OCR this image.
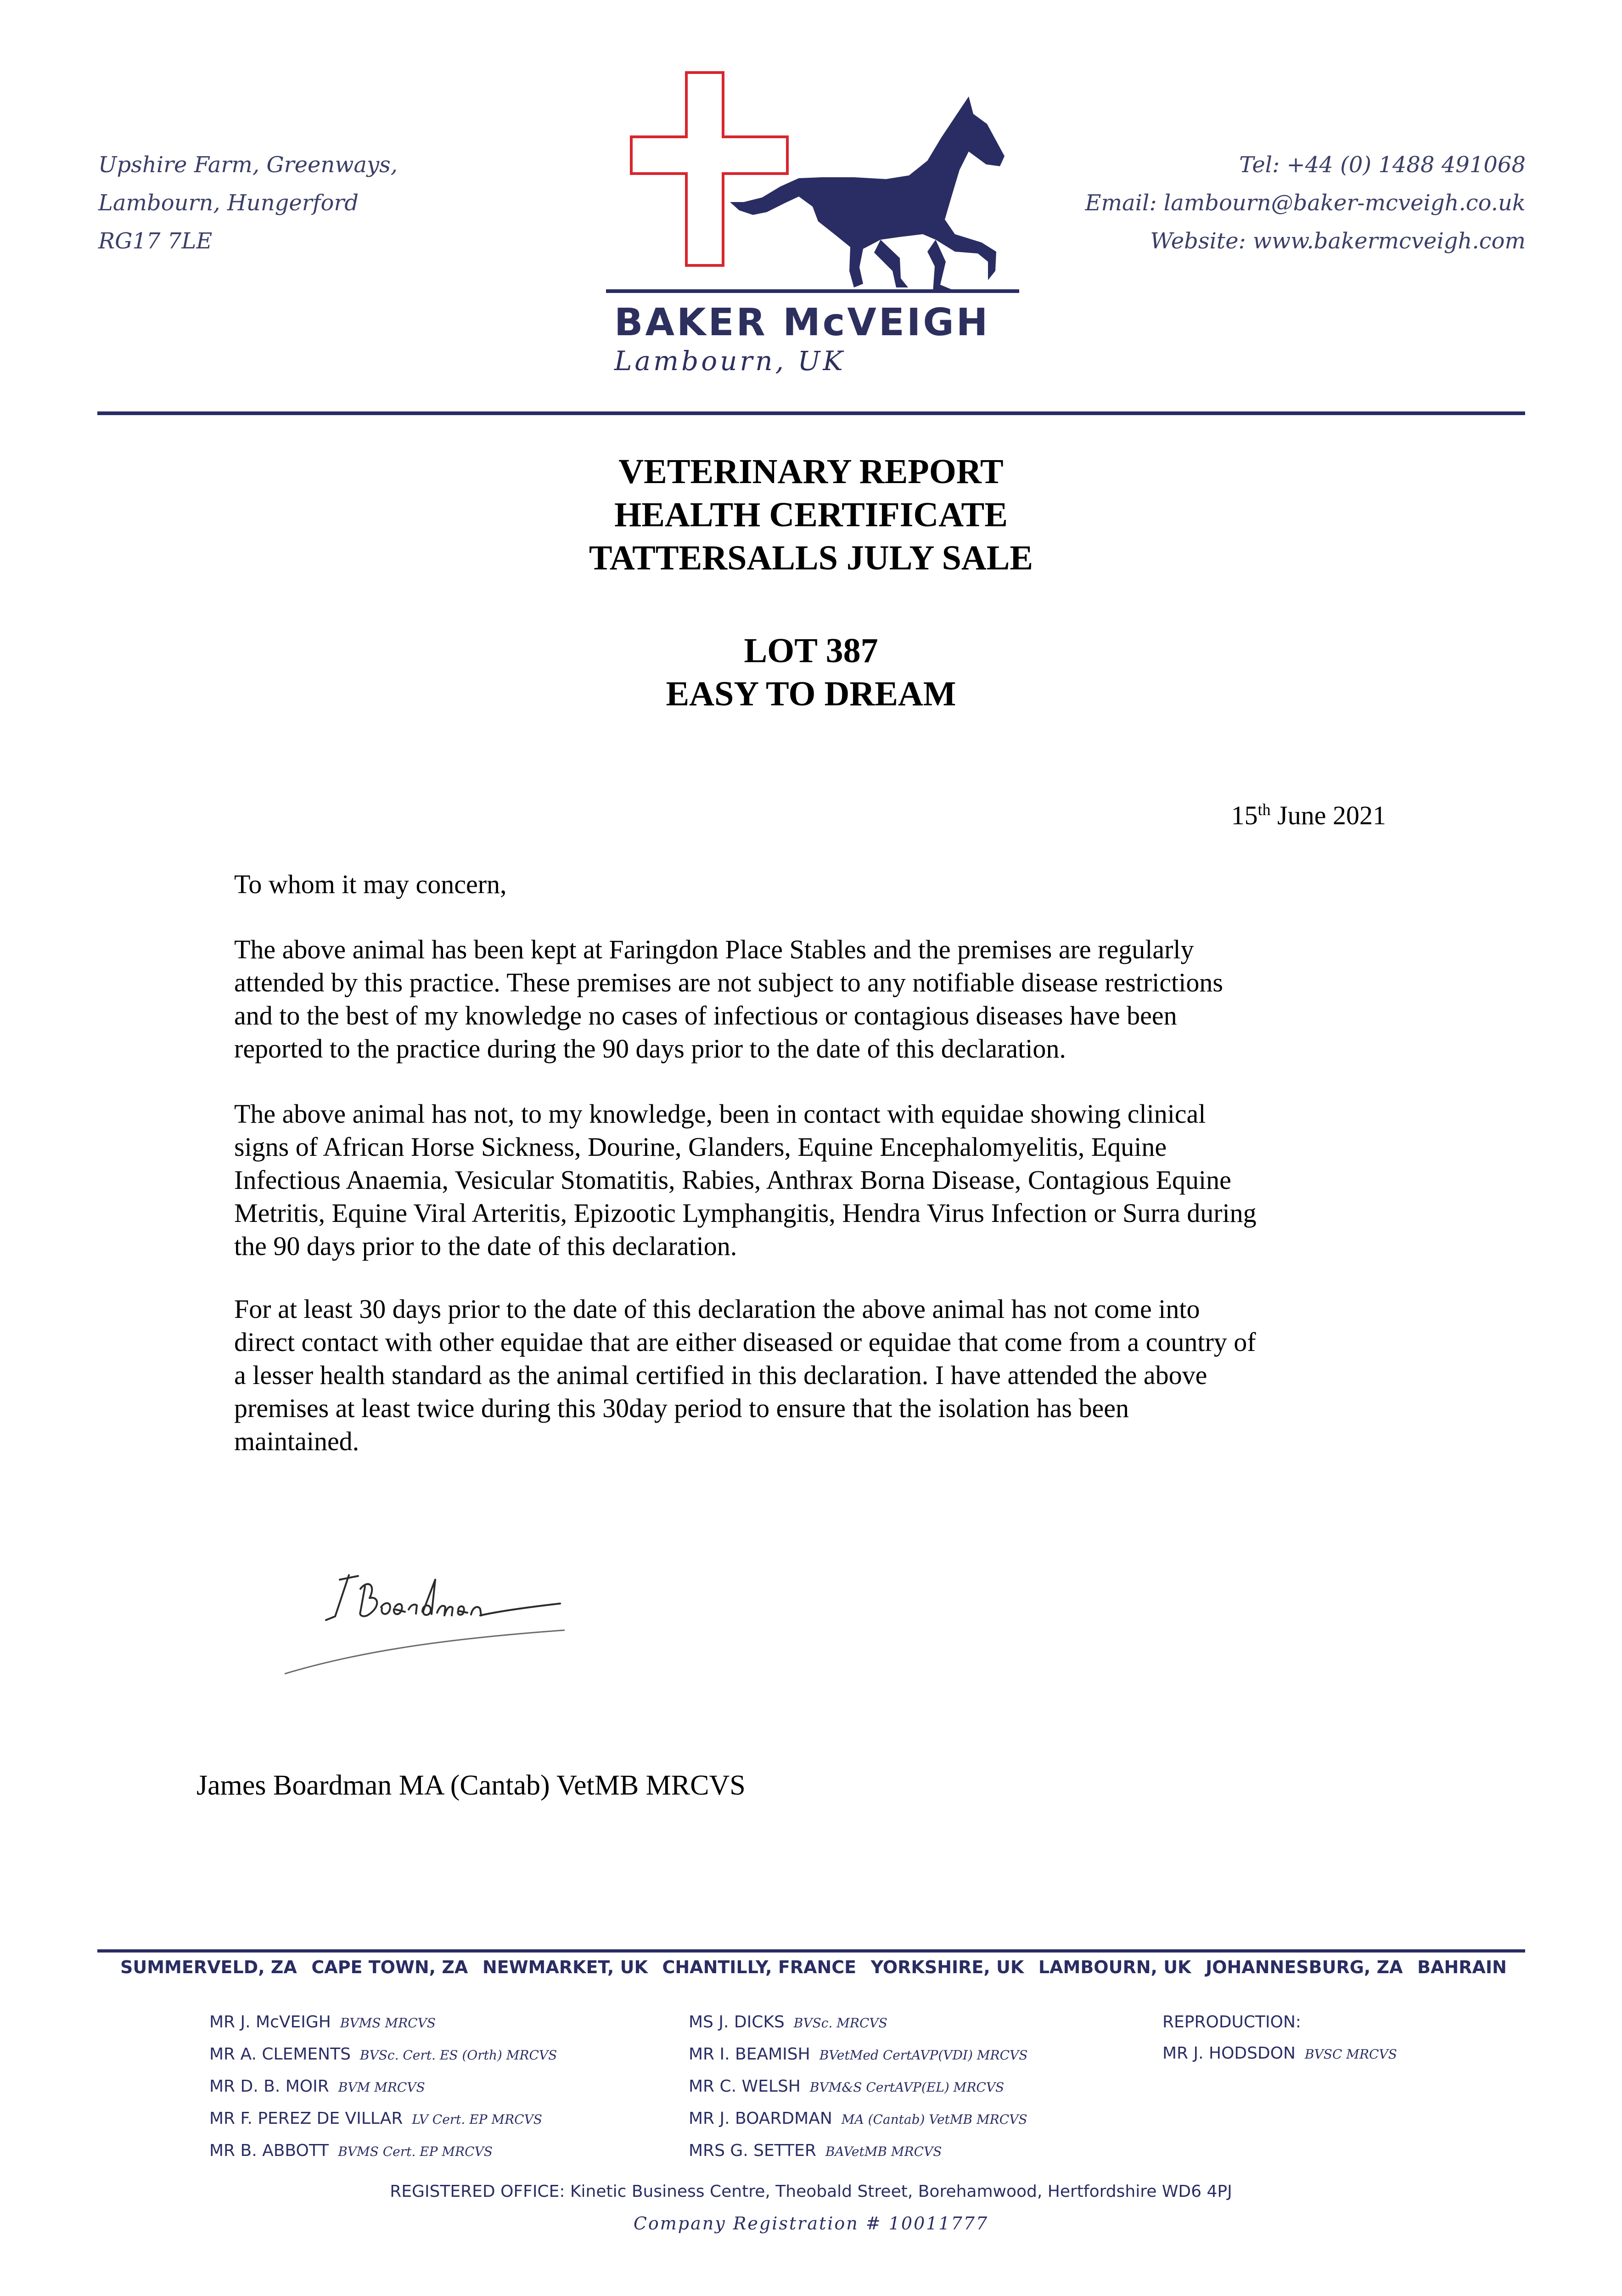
Upshire Farm, Greenways,
Lambourn, Hungerford
RG17 7LE
Tel: +44 (0) 1488 491068
Email: lambourn@baker-mcveigh.co.uk
Website: www.bakermcveigh.com
BAKER McVEIGH
Lambourn, UK
VETERINARY REPORT
HEALTH CERTIFICATE
TATTERSALLS JULY SALE
LOT 387
EASY TO DREAM
15th June 2021
To whom it may concern,
The above animal has been kept at Faringdon Place Stables and the premises are regularly
attended by this practice. These premises are not subject to any notifiable disease restrictions
and to the best of my knowledge no cases of infectious or contagious diseases have been
reported to the practice during the 90 days prior to the date of this declaration.
The above animal has not, to my knowledge, been in contact with equidae showing clinical
signs of African Horse Sickness, Dourine, Glanders, Equine Encephalomyelitis, Equine
Infectious Anaemia, Vesicular Stomatitis, Rabies, Anthrax Borna Disease, Contagious Equine
Metritis, Equine Viral Arteritis, Epizootic Lymphangitis, Hendra Virus Infection or Surra during
the 90 days prior to the date of this declaration.
For at least 30 days prior to the date of this declaration the above animal has not come into
direct contact with other equidae that are either diseased or equidae that come from a country of
a lesser health standard as the animal certified in this declaration. I have attended the above
premises at least twice during this 30day period to ensure that the isolation has been
maintained.
James Boardman MA (Cantab) VetMB MRCVS
SUMMERVELD, ZA CAPE TOWN, ZA NEWMARKET, UK CHANTILLY, FRANCE YORKSHIRE, UK LAMBOURN, UK JOHANNESBURG, ZA BAHRAIN
MR J. McVEIGH BVMS MRCVS
MR A. CLEMENTS BVSc. Cert. ES (Orth) MRCVS
MR D. B. MOIR BVM MRCVS
MR F. PEREZ DE VILLAR LV Cert. EP MRCVS
MR B. ABBOTT BVMS Cert. EP MRCVS
MS J. DICKS BVSc. MRCVS
MR I. BEAMISH BVetMed CertAVP(VDI) MRCVS
MR C. WELSH BVM&S CertAVP(EL) MRCVS
MR J. BOARDMAN MA (Cantab) VetMB MRCVS
MRS G. SETTER BAVetMB MRCVS
REPRODUCTION:
MR J. HODSDON BVSC MRCVS
REGISTERED OFFICE: Kinetic Business Centre, Theobald Street, Borehamwood, Hertfordshire WD6 4PJ
Company Registration # 10011777
